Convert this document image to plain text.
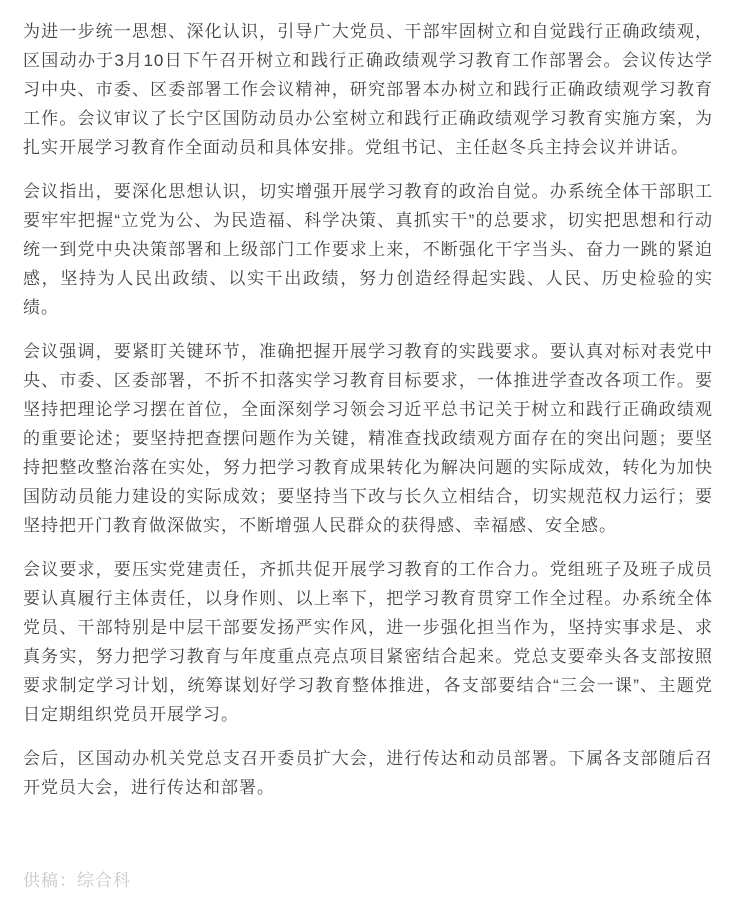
为进一步统一思想、深化认识，引导广大党员、干部牢固树立和自觉践行正确政绩观，区国动办于3月10日下午召开树立和践行正确政绩观学习教育工作部署会。会议传达学习中央、市委、区委部署工作会议精神，研究部署本办树立和践行正确政绩观学习教育工作。会议审议了长宁区国防动员办公室树立和践行正确政绩观学习教育实施方案，为扎实开展学习教育作全面动员和具体安排。党组书记、主任赵冬兵主持会议并讲话。

会议指出，要深化思想认识，切实增强开展学习教育的政治自觉。办系统全体干部职工要牢牢把握“立党为公、为民造福、科学决策、真抓实干”的总要求，切实把思想和行动统一到党中央决策部署和上级部门工作要求上来，不断强化干字当头、奋力一跳的紧迫感，坚持为人民出政绩、以实干出政绩，努力创造经得起实践、人民、历史检验的实绩。

会议强调，要紧盯关键环节，准确把握开展学习教育的实践要求。要认真对标对表党中央、市委、区委部署，不折不扣落实学习教育目标要求，一体推进学查改各项工作。要坚持把理论学习摆在首位，全面深刻学习领会习近平总书记关于树立和践行正确政绩观的重要论述；要坚持把查摆问题作为关键，精准查找政绩观方面存在的突出问题；要坚持把整改整治落在实处，努力把学习教育成果转化为解决问题的实际成效，转化为加快国防动员能力建设的实际成效；要坚持当下改与长久立相结合，切实规范权力运行；要坚持把开门教育做深做实，不断增强人民群众的获得感、幸福感、安全感。

会议要求，要压实党建责任，齐抓共促开展学习教育的工作合力。党组班子及班子成员要认真履行主体责任，以身作则、以上率下，把学习教育贯穿工作全过程。办系统全体党员、干部特别是中层干部要发扬严实作风，进一步强化担当作为，坚持实事求是、求真务实，努力把学习教育与年度重点亮点项目紧密结合起来。党总支要牵头各支部按照要求制定学习计划，统筹谋划好学习教育整体推进，各支部要结合“三会一课”、主题党日定期组织党员开展学习。

会后，区国动办机关党总支召开委员扩大会，进行传达和动员部署。下属各支部随后召开党员大会，进行传达和部署。

供稿：综合科
